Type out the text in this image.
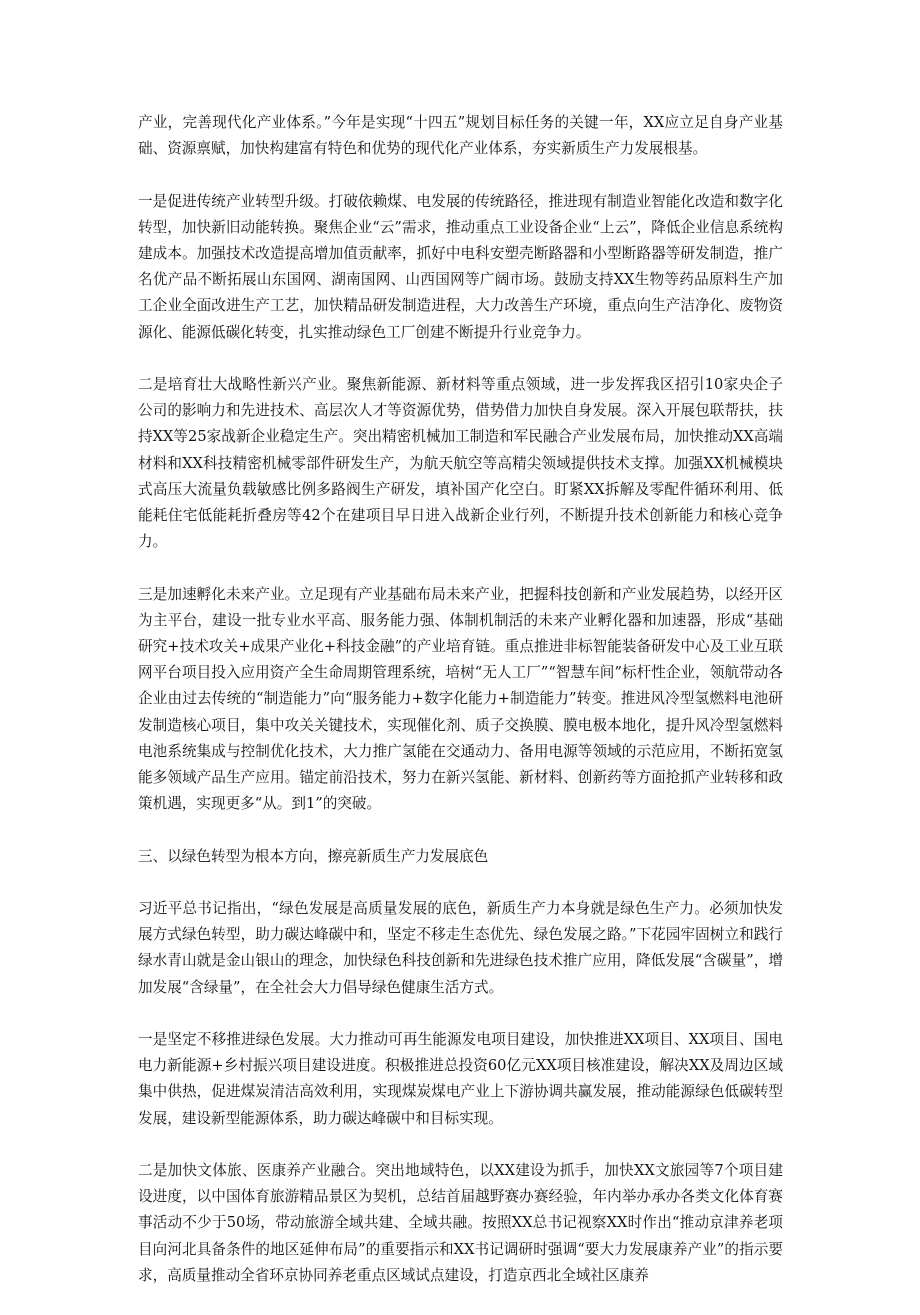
产业，完善现代化产业体系。”今年是实现“十四五”规划目标任务的关键一年，XX应立足自身产业基础、资源禀赋，加快构建富有特色和优势的现代化产业体系，夯实新质生产力发展根基。

一是促进传统产业转型升级。打破依赖煤、电发展的传统路径，推进现有制造业智能化改造和数字化转型，加快新旧动能转换。聚焦企业“云”需求，推动重点工业设备企业“上云”，降低企业信息系统构建成本。加强技术改造提高增加值贡献率，抓好中电科安塑壳断路器和小型断路器等研发制造，推广名优产品不断拓展山东国网、湖南国网、山西国网等广阔市场。鼓励支持XX生物等药品原料生产加工企业全面改进生产工艺，加快精品研发制造进程，大力改善生产环境，重点向生产洁净化、废物资源化、能源低碳化转变，扎实推动绿色工厂创建不断提升行业竞争力。

二是培育壮大战略性新兴产业。聚焦新能源、新材料等重点领域，进一步发挥我区招引10家央企子公司的影响力和先进技术、高层次人才等资源优势，借势借力加快自身发展。深入开展包联帮扶，扶持XX等25家战新企业稳定生产。突出精密机械加工制造和军民融合产业发展布局，加快推动XX高端材料和XX科技精密机械零部件研发生产，为航天航空等高精尖领域提供技术支撑。加强XX机械模块式高压大流量负载敏感比例多路阀生产研发，填补国产化空白。盯紧XX拆解及零配件循环利用、低能耗住宅低能耗折叠房等42个在建项目早日进入战新企业行列，不断提升技术创新能力和核心竞争力。

三是加速孵化未来产业。立足现有产业基础布局未来产业，把握科技创新和产业发展趋势，以经开区为主平台，建设一批专业水平高、服务能力强、体制机制活的未来产业孵化器和加速器，形成“基础研究+技术攻关+成果产业化+科技金融”的产业培育链。重点推进非标智能装备研发中心及工业互联网平台项目投入应用资产全生命周期管理系统，培树“无人工厂”“智慧车间”标杆性企业，领航带动各企业由过去传统的“制造能力”向“服务能力+数字化能力+制造能力”转变。推进风冷型氢燃料电池研发制造核心项目，集中攻关关键技术，实现催化剂、质子交换膜、膜电极本地化，提升风冷型氢燃料电池系统集成与控制优化技术，大力推广氢能在交通动力、备用电源等领域的示范应用，不断拓宽氢能多领域产品生产应用。锚定前沿技术，努力在新兴氢能、新材料、创新药等方面抢抓产业转移和政策机遇，实现更多“从。到1”的突破。

三、以绿色转型为根本方向，擦亮新质生产力发展底色

习近平总书记指出，“绿色发展是高质量发展的底色，新质生产力本身就是绿色生产力。必须加快发展方式绿色转型，助力碳达峰碳中和，坚定不移走生态优先、绿色发展之路。”下花园牢固树立和践行绿水青山就是金山银山的理念，加快绿色科技创新和先进绿色技术推广应用，降低发展“含碳量”，增加发展“含绿量”，在全社会大力倡导绿色健康生活方式。

一是坚定不移推进绿色发展。大力推动可再生能源发电项目建设，加快推进XX项目、XX项目、国电电力新能源+乡村振兴项目建设进度。积极推进总投资60亿元XX项目核准建设，解决XX及周边区域集中供热，促进煤炭清洁高效利用，实现煤炭煤电产业上下游协调共赢发展，推动能源绿色低碳转型发展，建设新型能源体系，助力碳达峰碳中和目标实现。

二是加快文体旅、医康养产业融合。突出地域特色，以XX建设为抓手，加快XX文旅园等7个项目建设进度，以中国体育旅游精品景区为契机，总结首届越野赛办赛经验，年内举办承办各类文化体育赛事活动不少于50场，带动旅游全域共建、全域共融。按照XX总书记视察XX时作出“推动京津养老项目向河北具备条件的地区延伸布局”的重要指示和XX书记调研时强调“要大力发展康养产业”的指示要求，高质量推动全省环京协同养老重点区域试点建设，打造京西北全域社区康养
